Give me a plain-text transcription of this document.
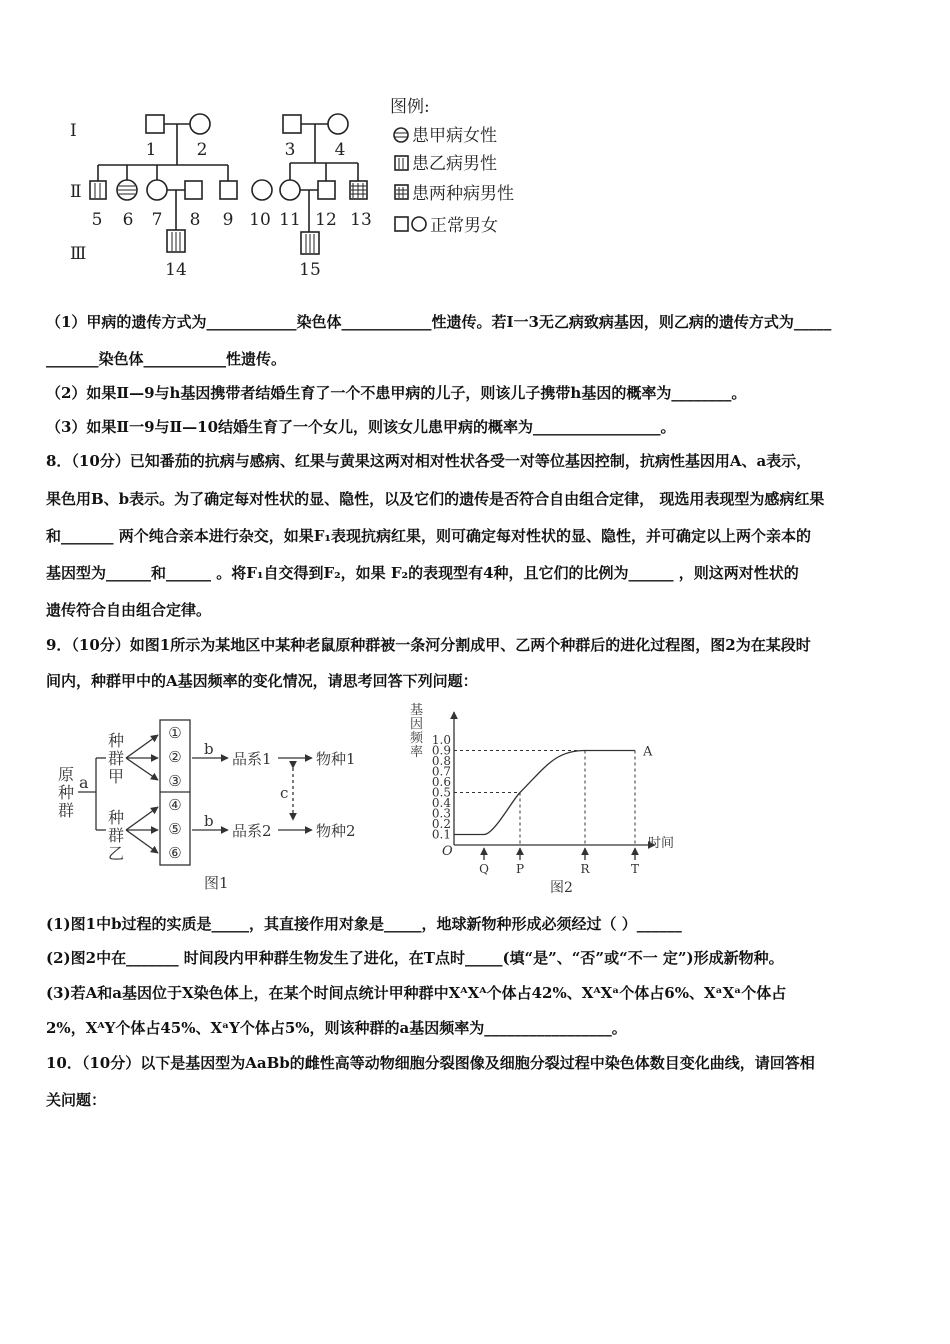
Ⅰ
Ⅱ
Ⅲ
1 2	3 4
5 6 7 8 9 10 11 12 13
14	15
图例:
患甲病女性
患乙病男性
患两种病男性
正常男女
（1）甲病的遗传方式为____________染色体____________性遗传。若Ⅰ一3无乙病致病基因，则乙病的遗传方式为_____
_______染色体___________性遗传。
（2）如果Ⅱ—9与h基因携带者结婚生育了一个不患甲病的儿子，则该儿子携带h基因的概率为________。
（3）如果Ⅱ一9与Ⅱ—10结婚生育了一个女儿，则该女儿患甲病的概率为_________________。
8．（10分）已知番茄的抗病与感病、红果与黄果这两对相对性状各受一对等位基因控制，抗病性基因用A、a表示，
果色用B、b表示。为了确定每对性状的显、隐性，以及它们的遗传是否符合自由组合定律， 现选用表现型为感病红果
和_______ 两个纯合亲本进行杂交，如果F₁表现抗病红果，则可确定每对性状的显、隐性，并可确定以上两个亲本的
基因型为______和______ 。将F₁自交得到F₂，如果 F₂的表现型有4种，且它们的比例为______ ，则这两对性状的
遗传符合自由组合定律。
9．（10分）如图1所示为某地区中某种老鼠原种群被一条河分割成甲、乙两个种群后的进化过程图，图2为在某段时
间内，种群甲中的A基因频率的变化情况，请思考回答下列问题：
原
种
群
a
种
群
甲
种
群
乙
①
②
③
④
⑤
⑥
b
b
品系1
品系2
物种1
物种2
c
图1
基
因
频
率
1.0
0.9
0.8
0.7
0.6
0.5
0.4
0.3
0.2
0.1
Q P	R	T
A
O
时间
图2
(1)图1中b过程的实质是_____，其直接作用对象是_____，地球新物种形成必须经过（ ）______
(2)图2中在_______ 时间段内甲种群生物发生了进化，在T点时_____(填“是”、“否”或“不一 定”)形成新物种。
(3)若A和a基因位于X染色体上，在某个时间点统计甲种群中XᴬXᴬ个体占42%、XᴬXᵃ个体占6%、XᵃXᵃ个体占
2%，XᴬY个体占45%、XᵃY个体占5%，则该种群的a基因频率为_________________。
10．（10分）以下是基因型为AaBb的雌性高等动物细胞分裂图像及细胞分裂过程中染色体数目变化曲线，请回答相
关问题：
